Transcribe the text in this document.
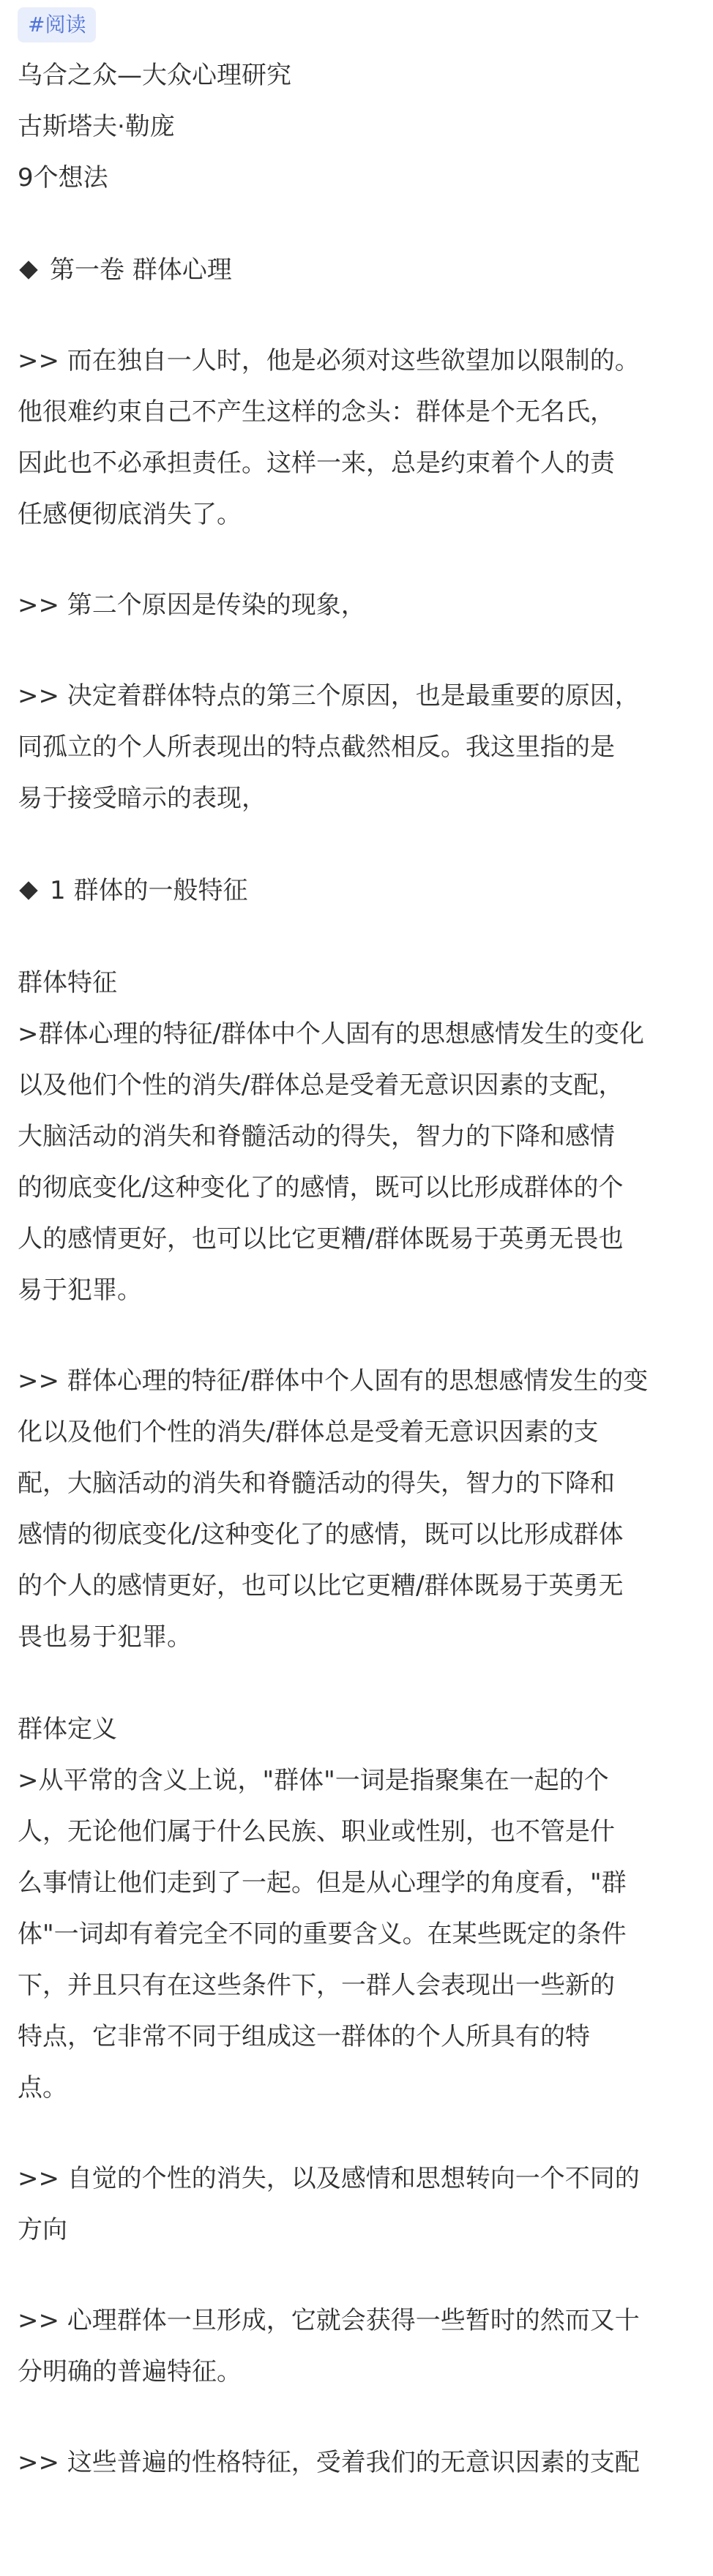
#阅读

乌合之众—大众心理研究

古斯塔夫·勒庞

9个想法

第一卷 群体心理

>> 而在独自一人时，他是必须对这些欲望加以限制的。
他很难约束自己不产生这样的念头：群体是个无名氏，
因此也不必承担责任。这样一来，总是约束着个人的责
任感便彻底消失了。

>> 第二个原因是传染的现象，

>> 决定着群体特点的第三个原因，也是最重要的原因，
同孤立的个人所表现出的特点截然相反。我这里指的是
易于接受暗示的表现，

1 群体的一般特征
群体特征

>群体心理的特征/群体中个人固有的思想感情发生的变化
以及他们个性的消失/群体总是受着无意识因素的支配，
大脑活动的消失和脊髓活动的得失，智力的下降和感情
的彻底变化/这种变化了的感情，既可以比形成群体的个
人的感情更好，也可以比它更糟/群体既易于英勇无畏也
易于犯罪。

>> 群体心理的特征/群体中个人固有的思想感情发生的变
化以及他们个性的消失/群体总是受着无意识因素的支
配，大脑活动的消失和脊髓活动的得失，智力的下降和
感情的彻底变化/这种变化了的感情，既可以比形成群体
的个人的感情更好，也可以比它更糟/群体既易于英勇无
畏也易于犯罪。

群体定义

>从平常的含义上说，"群体"一词是指聚集在一起的个
人，无论他们属于什么民族、职业或性别，也不管是什
么事情让他们走到了一起。但是从心理学的角度看，"群
体"一词却有着完全不同的重要含义。在某些既定的条件
下，并且只有在这些条件下，一群人会表现出一些新的
特点，它非常不同于组成这一群体的个人所具有的特
点。

>> 自觉的个性的消失，以及感情和思想转向一个不同的
方向

>> 心理群体一旦形成，它就会获得一些暂时的然而又十
分明确的普遍特征。

>> 这些普遍的性格特征，受着我们的无意识因素的支配
